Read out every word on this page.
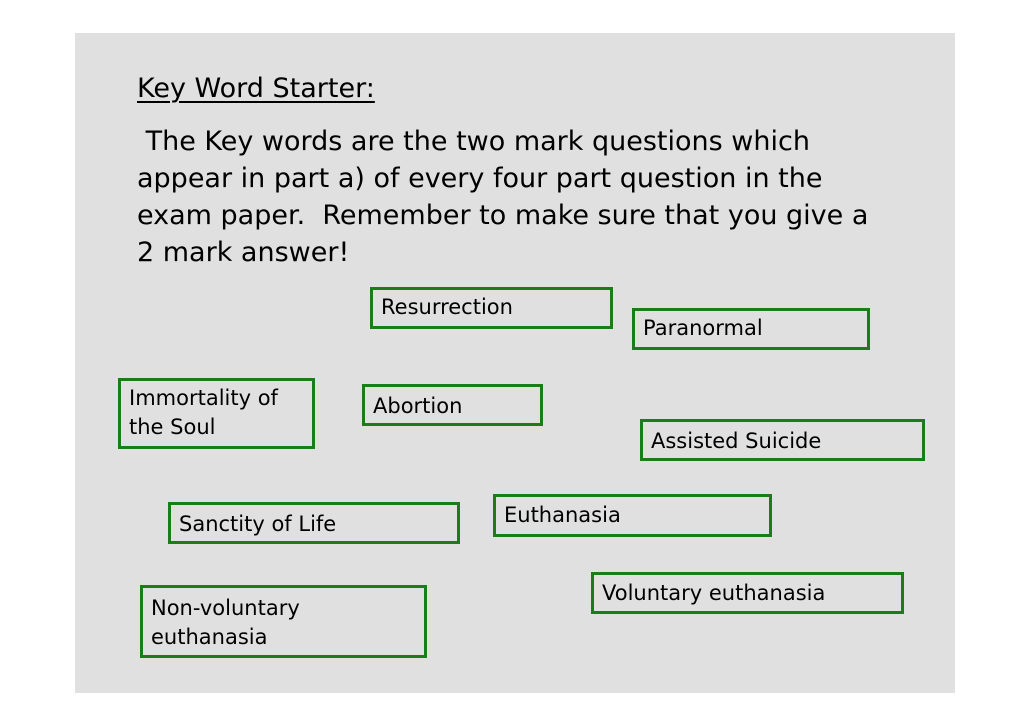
Key Word Starter:
The Key words are the two mark questions which
appear in part a) of every four part question in the
exam paper.  Remember to make sure that you give a
2 mark answer!
Resurrection
Paranormal
Immortality of
the Soul
Abortion
Assisted Suicide
Sanctity of Life	Euthanasia
Voluntary euthanasia
Non-voluntary
euthanasia
